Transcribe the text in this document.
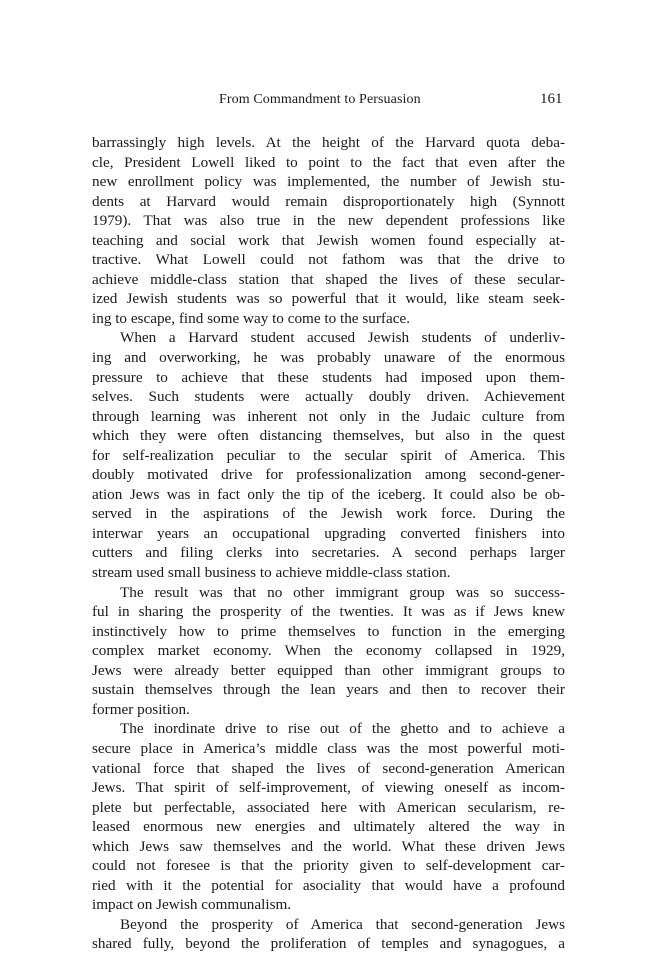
From Commandment to Persuasion	161
barrassingly high levels. At the height of the Harvard quota deba-
cle, President Lowell liked to point to the fact that even after the
new enrollment policy was implemented, the number of Jewish stu-
dents at Harvard would remain disproportionately high (Synnott
1979). That was also true in the new dependent professions like
teaching and social work that Jewish women found especially at-
tractive. What Lowell could not fathom was that the drive to
achieve middle-class station that shaped the lives of these secular-
ized Jewish students was so powerful that it would, like steam seek-
ing to escape, find some way to come to the surface.
When a Harvard student accused Jewish students of underliv-
ing and overworking, he was probably unaware of the enormous
pressure to achieve that these students had imposed upon them-
selves. Such students were actually doubly driven. Achievement
through learning was inherent not only in the Judaic culture from
which they were often distancing themselves, but also in the quest
for self-realization peculiar to the secular spirit of America. This
doubly motivated drive for professionalization among second-gener-
ation Jews was in fact only the tip of the iceberg. It could also be ob-
served in the aspirations of the Jewish work force. During the
interwar years an occupational upgrading converted finishers into
cutters and filing clerks into secretaries. A second perhaps larger
stream used small business to achieve middle-class station.
The result was that no other immigrant group was so success-
ful in sharing the prosperity of the twenties. It was as if Jews knew
instinctively how to prime themselves to function in the emerging
complex market economy. When the economy collapsed in 1929,
Jews were already better equipped than other immigrant groups to
sustain themselves through the lean years and then to recover their
former position.
The inordinate drive to rise out of the ghetto and to achieve a
secure place in America’s middle class was the most powerful moti-
vational force that shaped the lives of second-generation American
Jews. That spirit of self-improvement, of viewing oneself as incom-
plete but perfectable, associated here with American secularism, re-
leased enormous new energies and ultimately altered the way in
which Jews saw themselves and the world. What these driven Jews
could not foresee is that the priority given to self-development car-
ried with it the potential for asociality that would have a profound
impact on Jewish communalism.
Beyond the prosperity of America that second-generation Jews
shared fully, beyond the proliferation of temples and synagogues, a
